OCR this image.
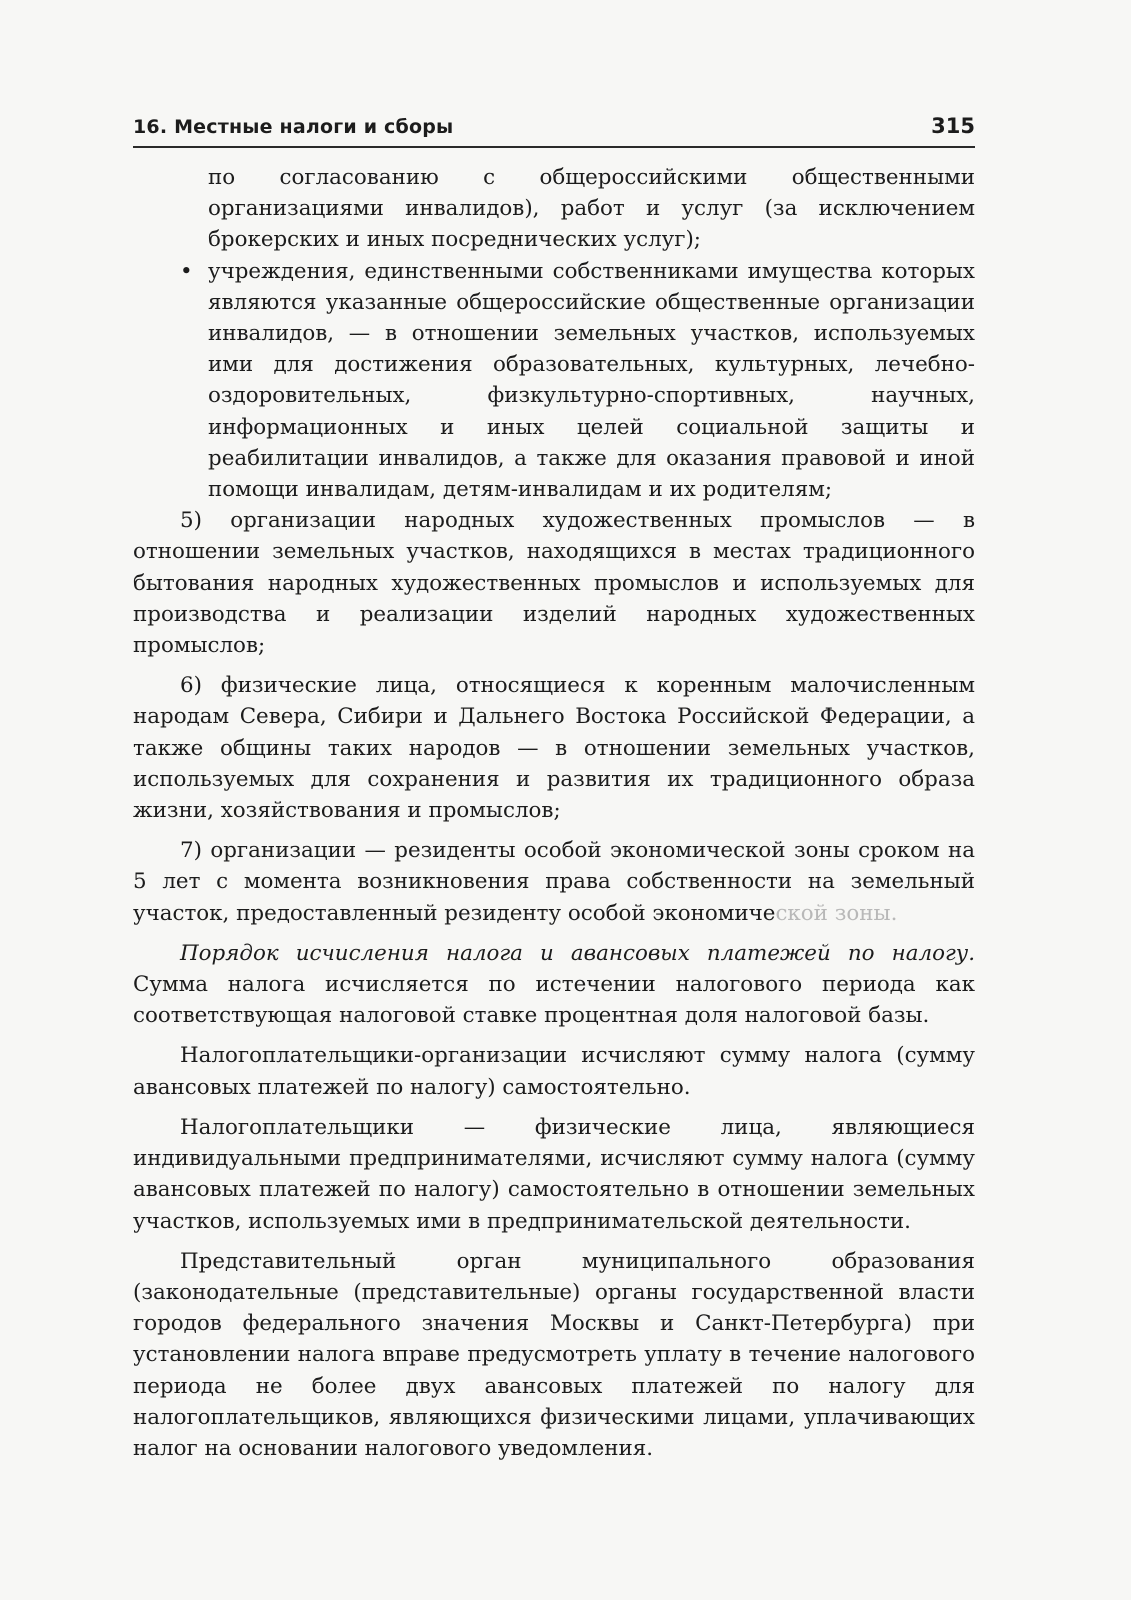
16. Местные налоги и сборы	315

по согласованию с общероссийскими общественными организациями инвалидов), работ и услуг (за исключением брокерских и иных посреднических услуг);

• учреждения, единственными собственниками имущества которых являются указанные общероссийские общественные организации инвалидов, — в отношении земельных участков, используемых ими для достижения образовательных, культурных, лечебно-оздоровительных, физкультурно-спортивных, научных, информационных и иных целей социальной защиты и реабилитации инвалидов, а также для оказания правовой и иной помощи инвалидам, детям-инвалидам и их родителям;

5) организации народных художественных промыслов — в отношении земельных участков, находящихся в местах традиционного бытования народных художественных промыслов и используемых для производства и реализации изделий народных художественных промыслов;

6) физические лица, относящиеся к коренным малочисленным народам Севера, Сибири и Дальнего Востока Российской Федерации, а также общины таких народов — в отношении земельных участков, используемых для сохранения и развития их традиционного образа жизни, хозяйствования и промыслов;

7) организации — резиденты особой экономической зоны сроком на 5 лет с момента возникновения права собственности на земельный участок, предоставленный резиденту особой экономической зоны.

Порядок исчисления налога и авансовых платежей по налогу. Сумма налога исчисляется по истечении налогового периода как соответствующая налоговой ставке процентная доля налоговой базы.

Налогоплательщики-организации исчисляют сумму налога (сумму авансовых платежей по налогу) самостоятельно.

Налогоплательщики — физические лица, являющиеся индивидуальными предпринимателями, исчисляют сумму налога (сумму авансовых платежей по налогу) самостоятельно в отношении земельных участков, используемых ими в предпринимательской деятельности.

Представительный орган муниципального образования (законодательные (представительные) органы государственной власти городов федерального значения Москвы и Санкт-Петербурга) при установлении налога вправе предусмотреть уплату в течение налогового периода не более двух авансовых платежей по налогу для налогоплательщиков, являющихся физическими лицами, уплачивающих налог на основании налогового уведомления.
